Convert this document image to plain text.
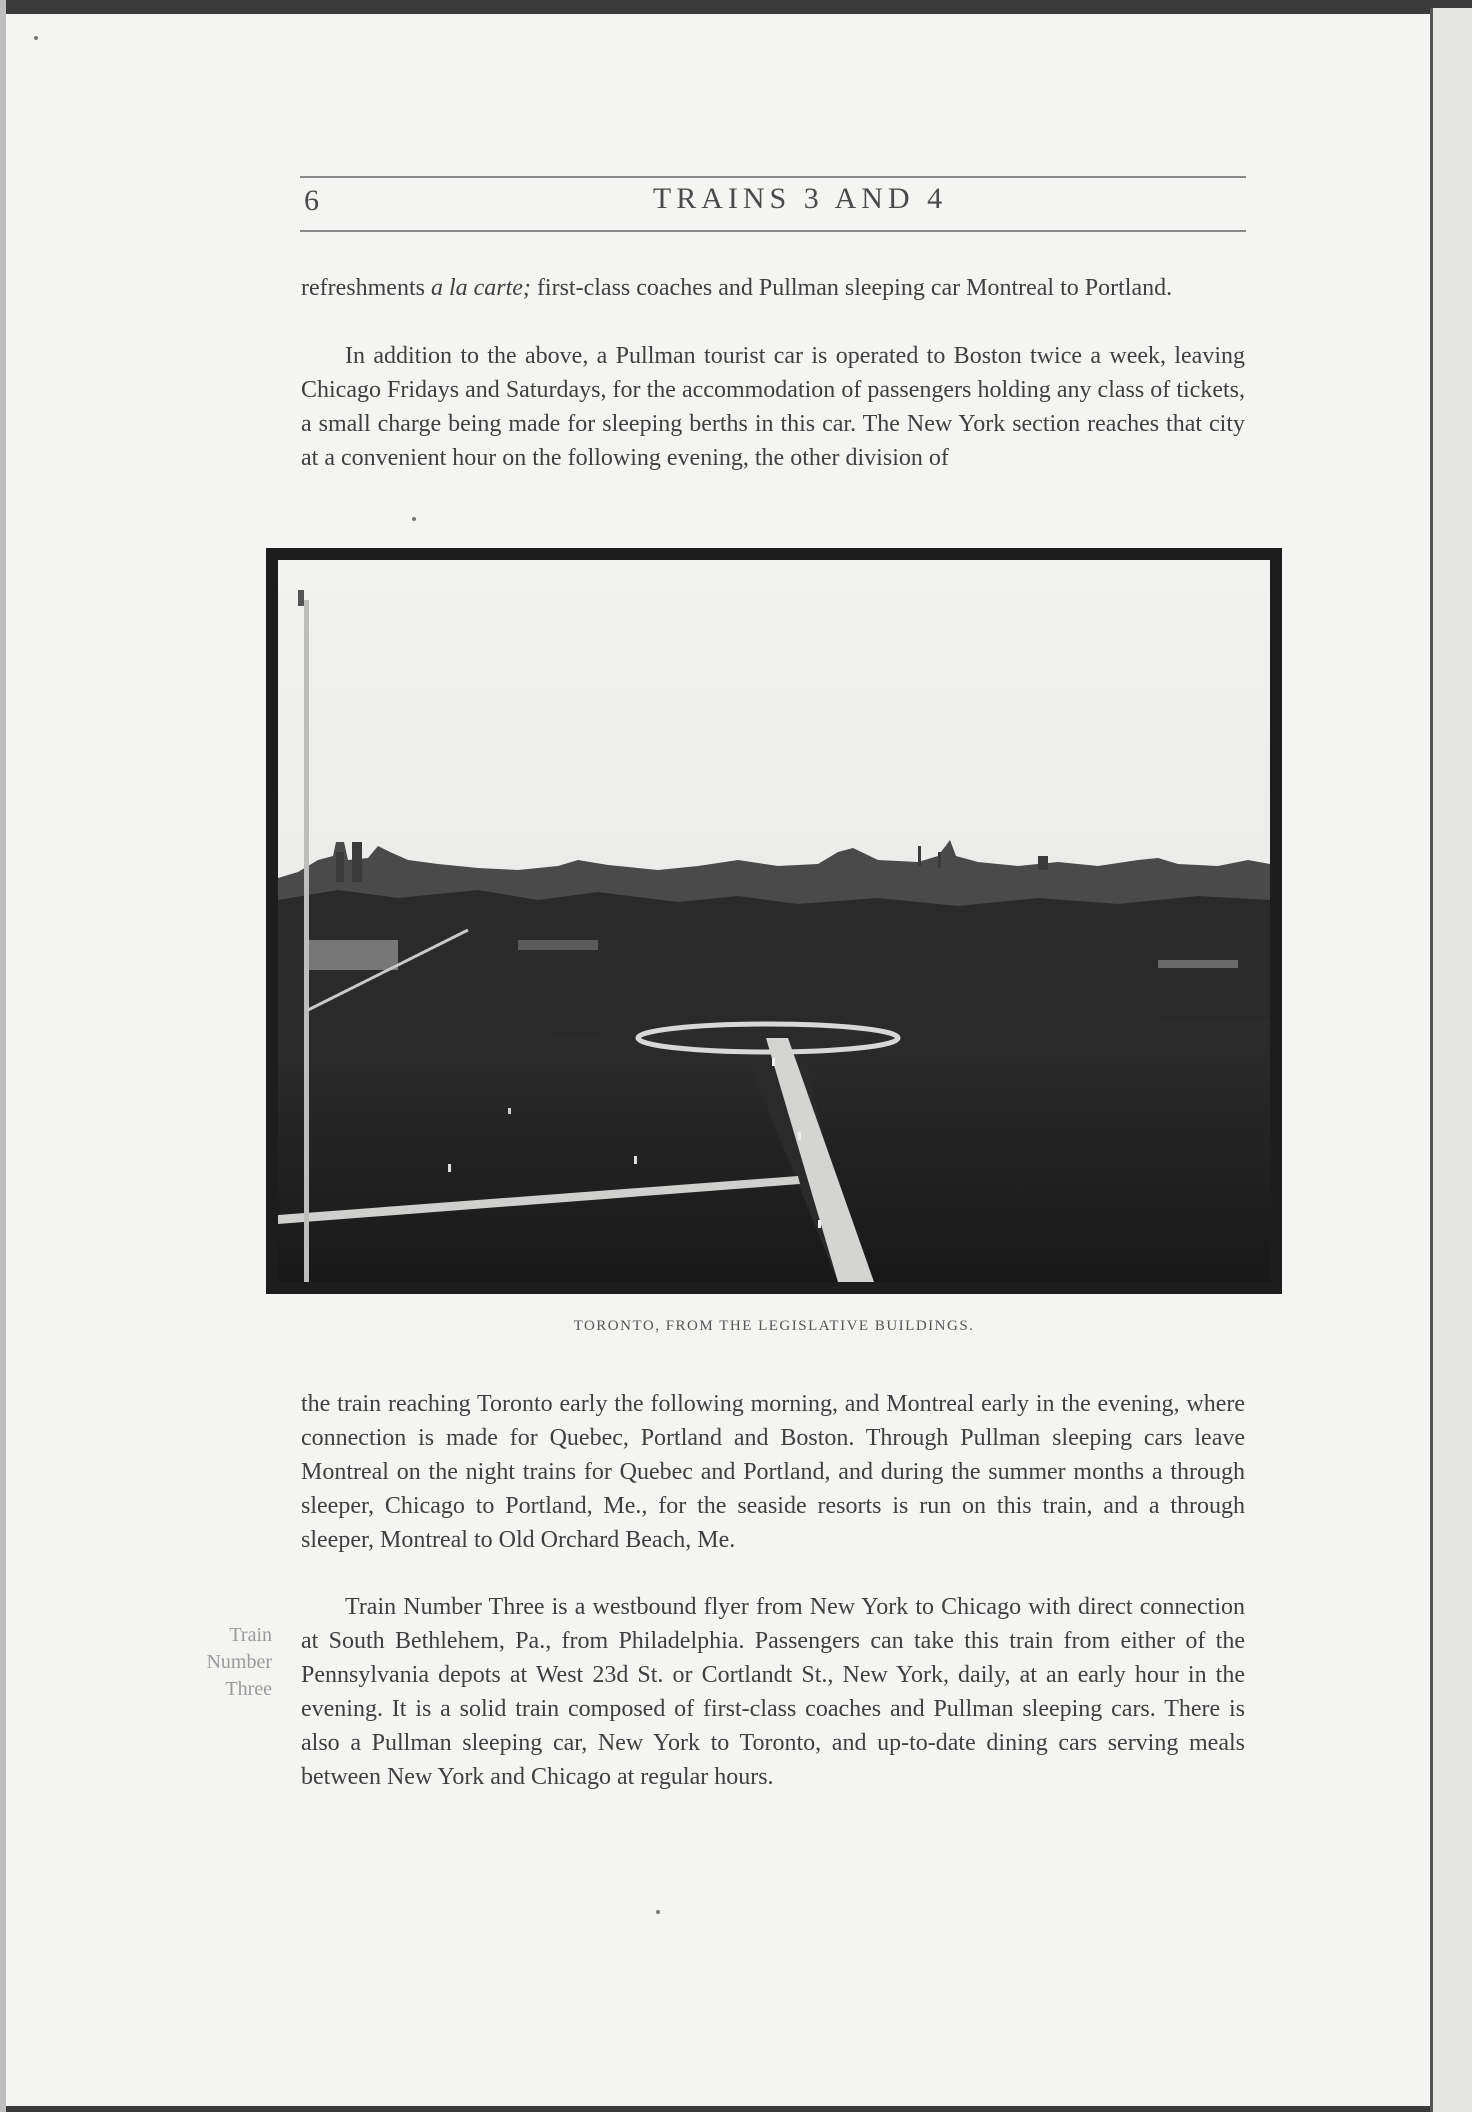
6	TRAINS 3 AND 4

refreshments a la carte; first-class coaches and Pullman sleeping car Montreal to Portland.

In addition to the above, a Pullman tourist car is operated to Boston twice a week, leaving Chicago Fridays and Saturdays, for the accommodation of passengers holding any class of tickets, a small charge being made for sleeping berths in this car. The New York section reaches that city at a convenient hour on the following evening, the other division of

TORONTO, FROM THE LEGISLATIVE BUILDINGS.

the train reaching Toronto early the following morning, and Montreal early in the evening, where connection is made for Quebec, Portland and Boston. Through Pullman sleeping cars leave Montreal on the night trains for Quebec and Portland, and during the summer months a through sleeper, Chicago to Portland, Me., for the seaside resorts is run on this train, and a through sleeper, Montreal to Old Orchard Beach, Me.

Train Number Three is a westbound flyer from New York to Chicago with direct connection at South Bethlehem, Pa., from Philadelphia. Passengers can take this train from either of the Pennsylvania depots at West 23d St. or Cortlandt St., New York, daily, at an early hour in the evening. It is a solid train composed of first-class coaches and Pullman sleeping cars. There is also a Pullman sleeping car, New York to Toronto, and up-to-date dining cars serving meals between New York and Chicago at regular hours.

Train
Number
Three
